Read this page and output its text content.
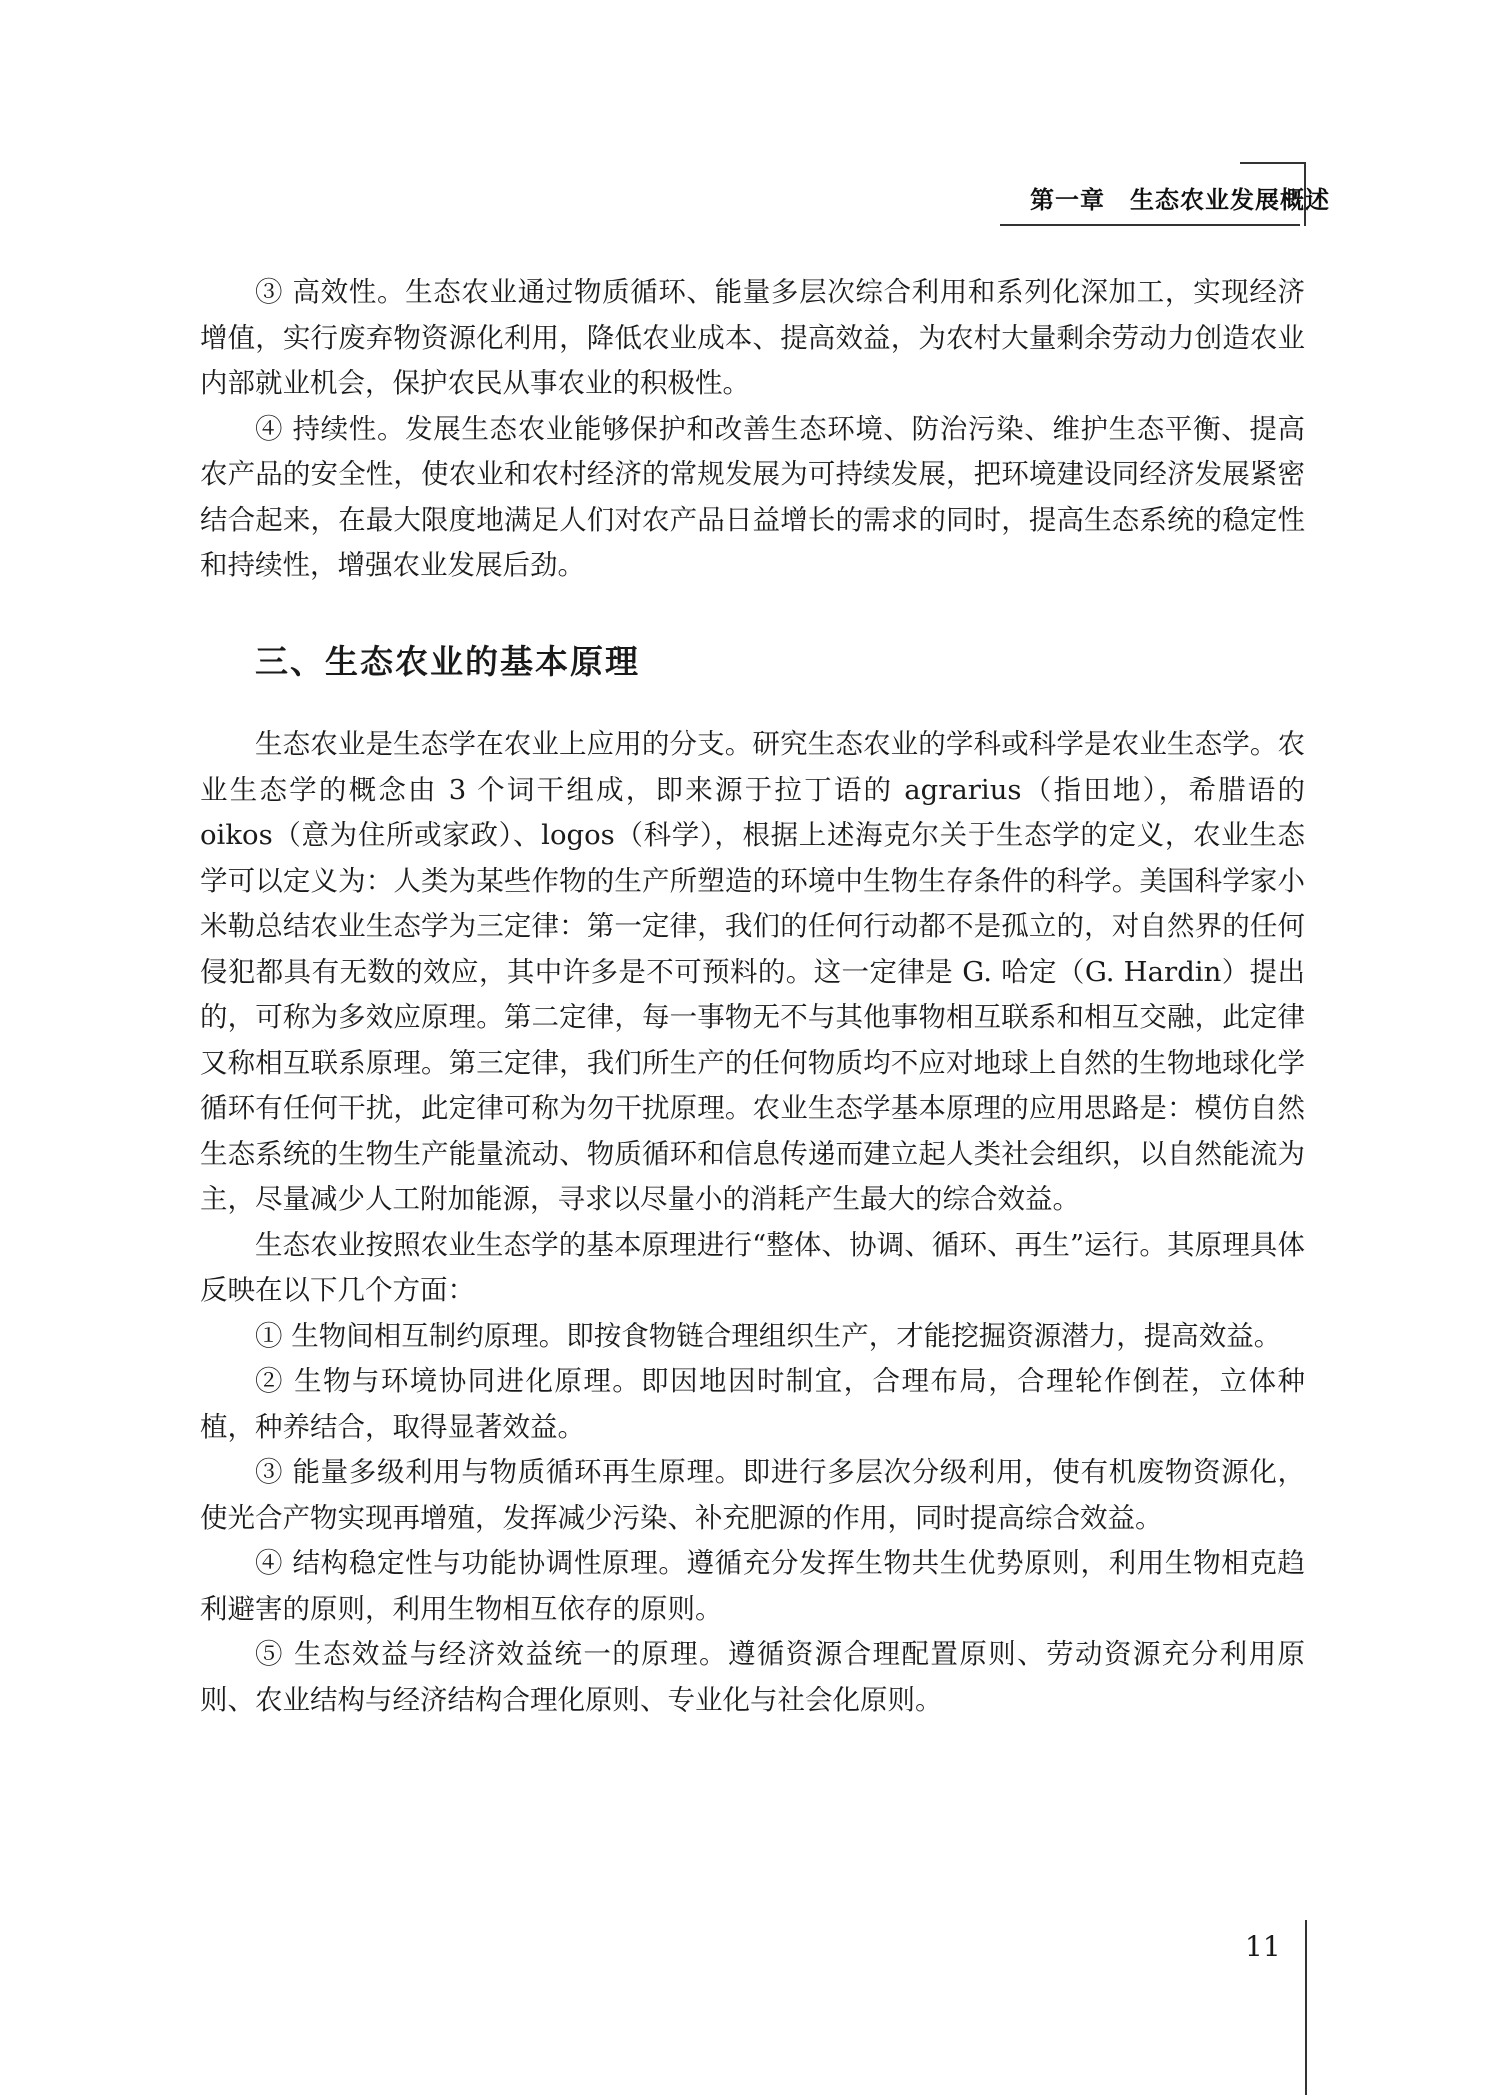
第一章　生态农业发展概述

③ 高效性。生态农业通过物质循环、能量多层次综合利用和系列化深加工，实现经济增值，实行废弃物资源化利用，降低农业成本、提高效益，为农村大量剩余劳动力创造农业内部就业机会，保护农民从事农业的积极性。

④ 持续性。发展生态农业能够保护和改善生态环境、防治污染、维护生态平衡、提高农产品的安全性，使农业和农村经济的常规发展为可持续发展，把环境建设同经济发展紧密结合起来，在最大限度地满足人们对农产品日益增长的需求的同时，提高生态系统的稳定性和持续性，增强农业发展后劲。

三、生态农业的基本原理

生态农业是生态学在农业上应用的分支。研究生态农业的学科或科学是农业生态学。农业生态学的概念由 3 个词干组成，即来源于拉丁语的 agrarius（指田地），希腊语的 oikos（意为住所或家政）、logos（科学），根据上述海克尔关于生态学的定义，农业生态学可以定义为：人类为某些作物的生产所塑造的环境中生物生存条件的科学。美国科学家小米勒总结农业生态学为三定律：第一定律，我们的任何行动都不是孤立的，对自然界的任何侵犯都具有无数的效应，其中许多是不可预料的。这一定律是 G. 哈定（G. Hardin）提出的，可称为多效应原理。第二定律，每一事物无不与其他事物相互联系和相互交融，此定律又称相互联系原理。第三定律，我们所生产的任何物质均不应对地球上自然的生物地球化学循环有任何干扰，此定律可称为勿干扰原理。农业生态学基本原理的应用思路是：模仿自然生态系统的生物生产能量流动、物质循环和信息传递而建立起人类社会组织，以自然能流为主，尽量减少人工附加能源，寻求以尽量小的消耗产生最大的综合效益。

生态农业按照农业生态学的基本原理进行“整体、协调、循环、再生”运行。其原理具体反映在以下几个方面：

① 生物间相互制约原理。即按食物链合理组织生产，才能挖掘资源潜力，提高效益。

② 生物与环境协同进化原理。即因地因时制宜，合理布局，合理轮作倒茬，立体种植，种养结合，取得显著效益。

③ 能量多级利用与物质循环再生原理。即进行多层次分级利用，使有机废物资源化，使光合产物实现再增殖，发挥减少污染、补充肥源的作用，同时提高综合效益。

④ 结构稳定性与功能协调性原理。遵循充分发挥生物共生优势原则，利用生物相克趋利避害的原则，利用生物相互依存的原则。

⑤ 生态效益与经济效益统一的原理。遵循资源合理配置原则、劳动资源充分利用原则、农业结构与经济结构合理化原则、专业化与社会化原则。

11
